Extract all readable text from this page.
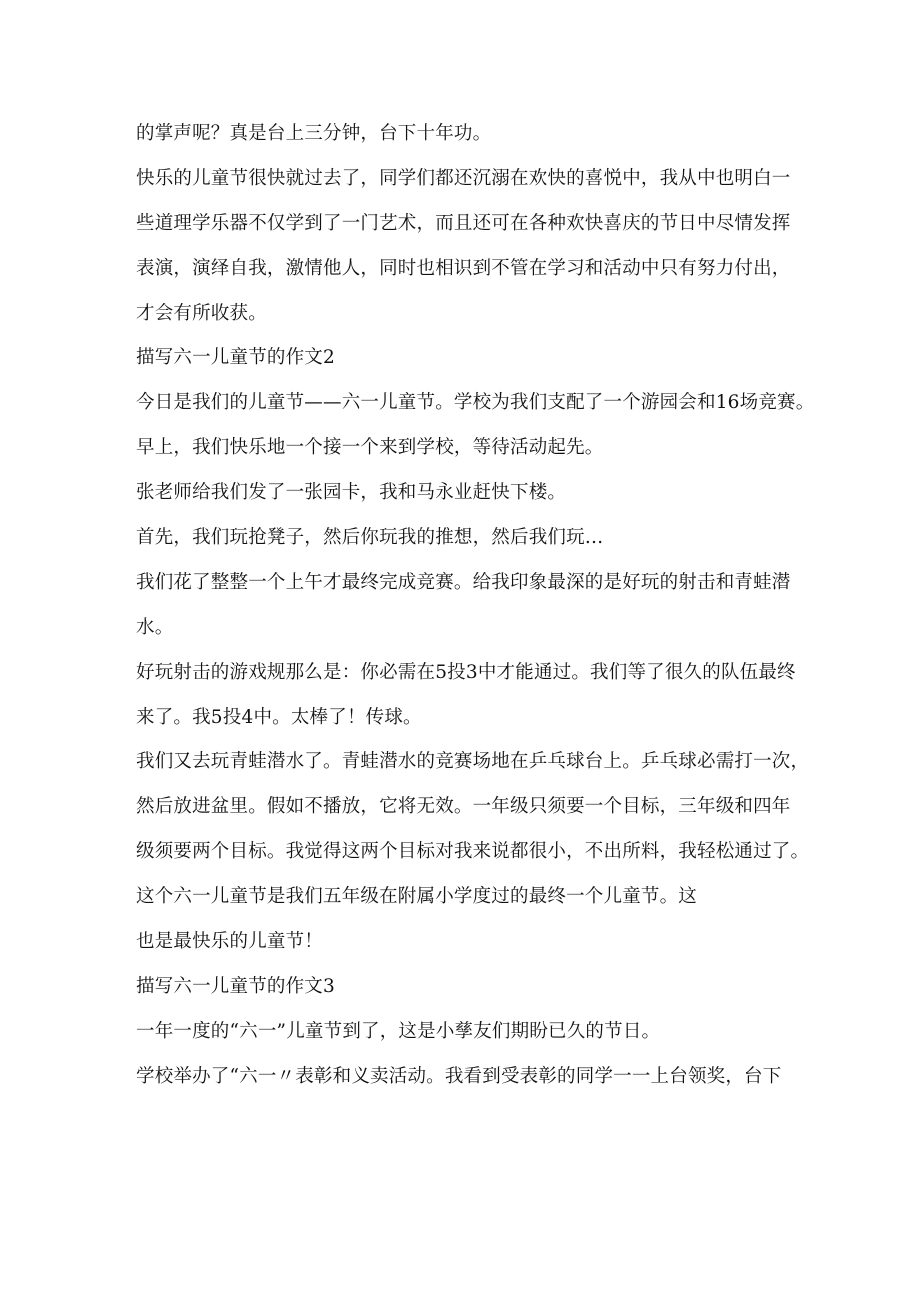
的掌声呢？真是台上三分钟，台下十年功。

快乐的儿童节很快就过去了，同学们都还沉溺在欢快的喜悦中，我从中也明白一

些道理学乐器不仅学到了一门艺术，而且还可在各种欢快喜庆的节日中尽情发挥

表演，演绎自我，激情他人，同时也相识到不管在学习和活动中只有努力付出，

才会有所收获。

描写六一儿童节的作文2

今日是我们的儿童节——六一儿童节。学校为我们支配了一个游园会和16场竞赛。

早上，我们快乐地一个接一个来到学校，等待活动起先。

张老师给我们发了一张园卡，我和马永业赶快下楼。

首先，我们玩抢凳子，然后你玩我的推想，然后我们玩…

我们花了整整一个上午才最终完成竞赛。给我印象最深的是好玩的射击和青蛙潜

水。

好玩射击的游戏规那么是：你必需在5投3中才能通过。我们等了很久的队伍最终

来了。我5投4中。太棒了！传球。

我们又去玩青蛙潜水了。青蛙潜水的竞赛场地在乒乓球台上。乒乓球必需打一次，

然后放进盆里。假如不播放，它将无效。一年级只须要一个目标，三年级和四年

级须要两个目标。我觉得这两个目标对我来说都很小，不出所料，我轻松通过了。

这个六一儿童节是我们五年级在附属小学度过的最终一个儿童节。这

也是最快乐的儿童节！

描写六一儿童节的作文3

一年一度的“六一”儿童节到了，这是小孳友们期盼已久的节日。

学校举办了“六一〃表彰和义卖活动。我看到受表彰的同学一一上台领奖，台下
